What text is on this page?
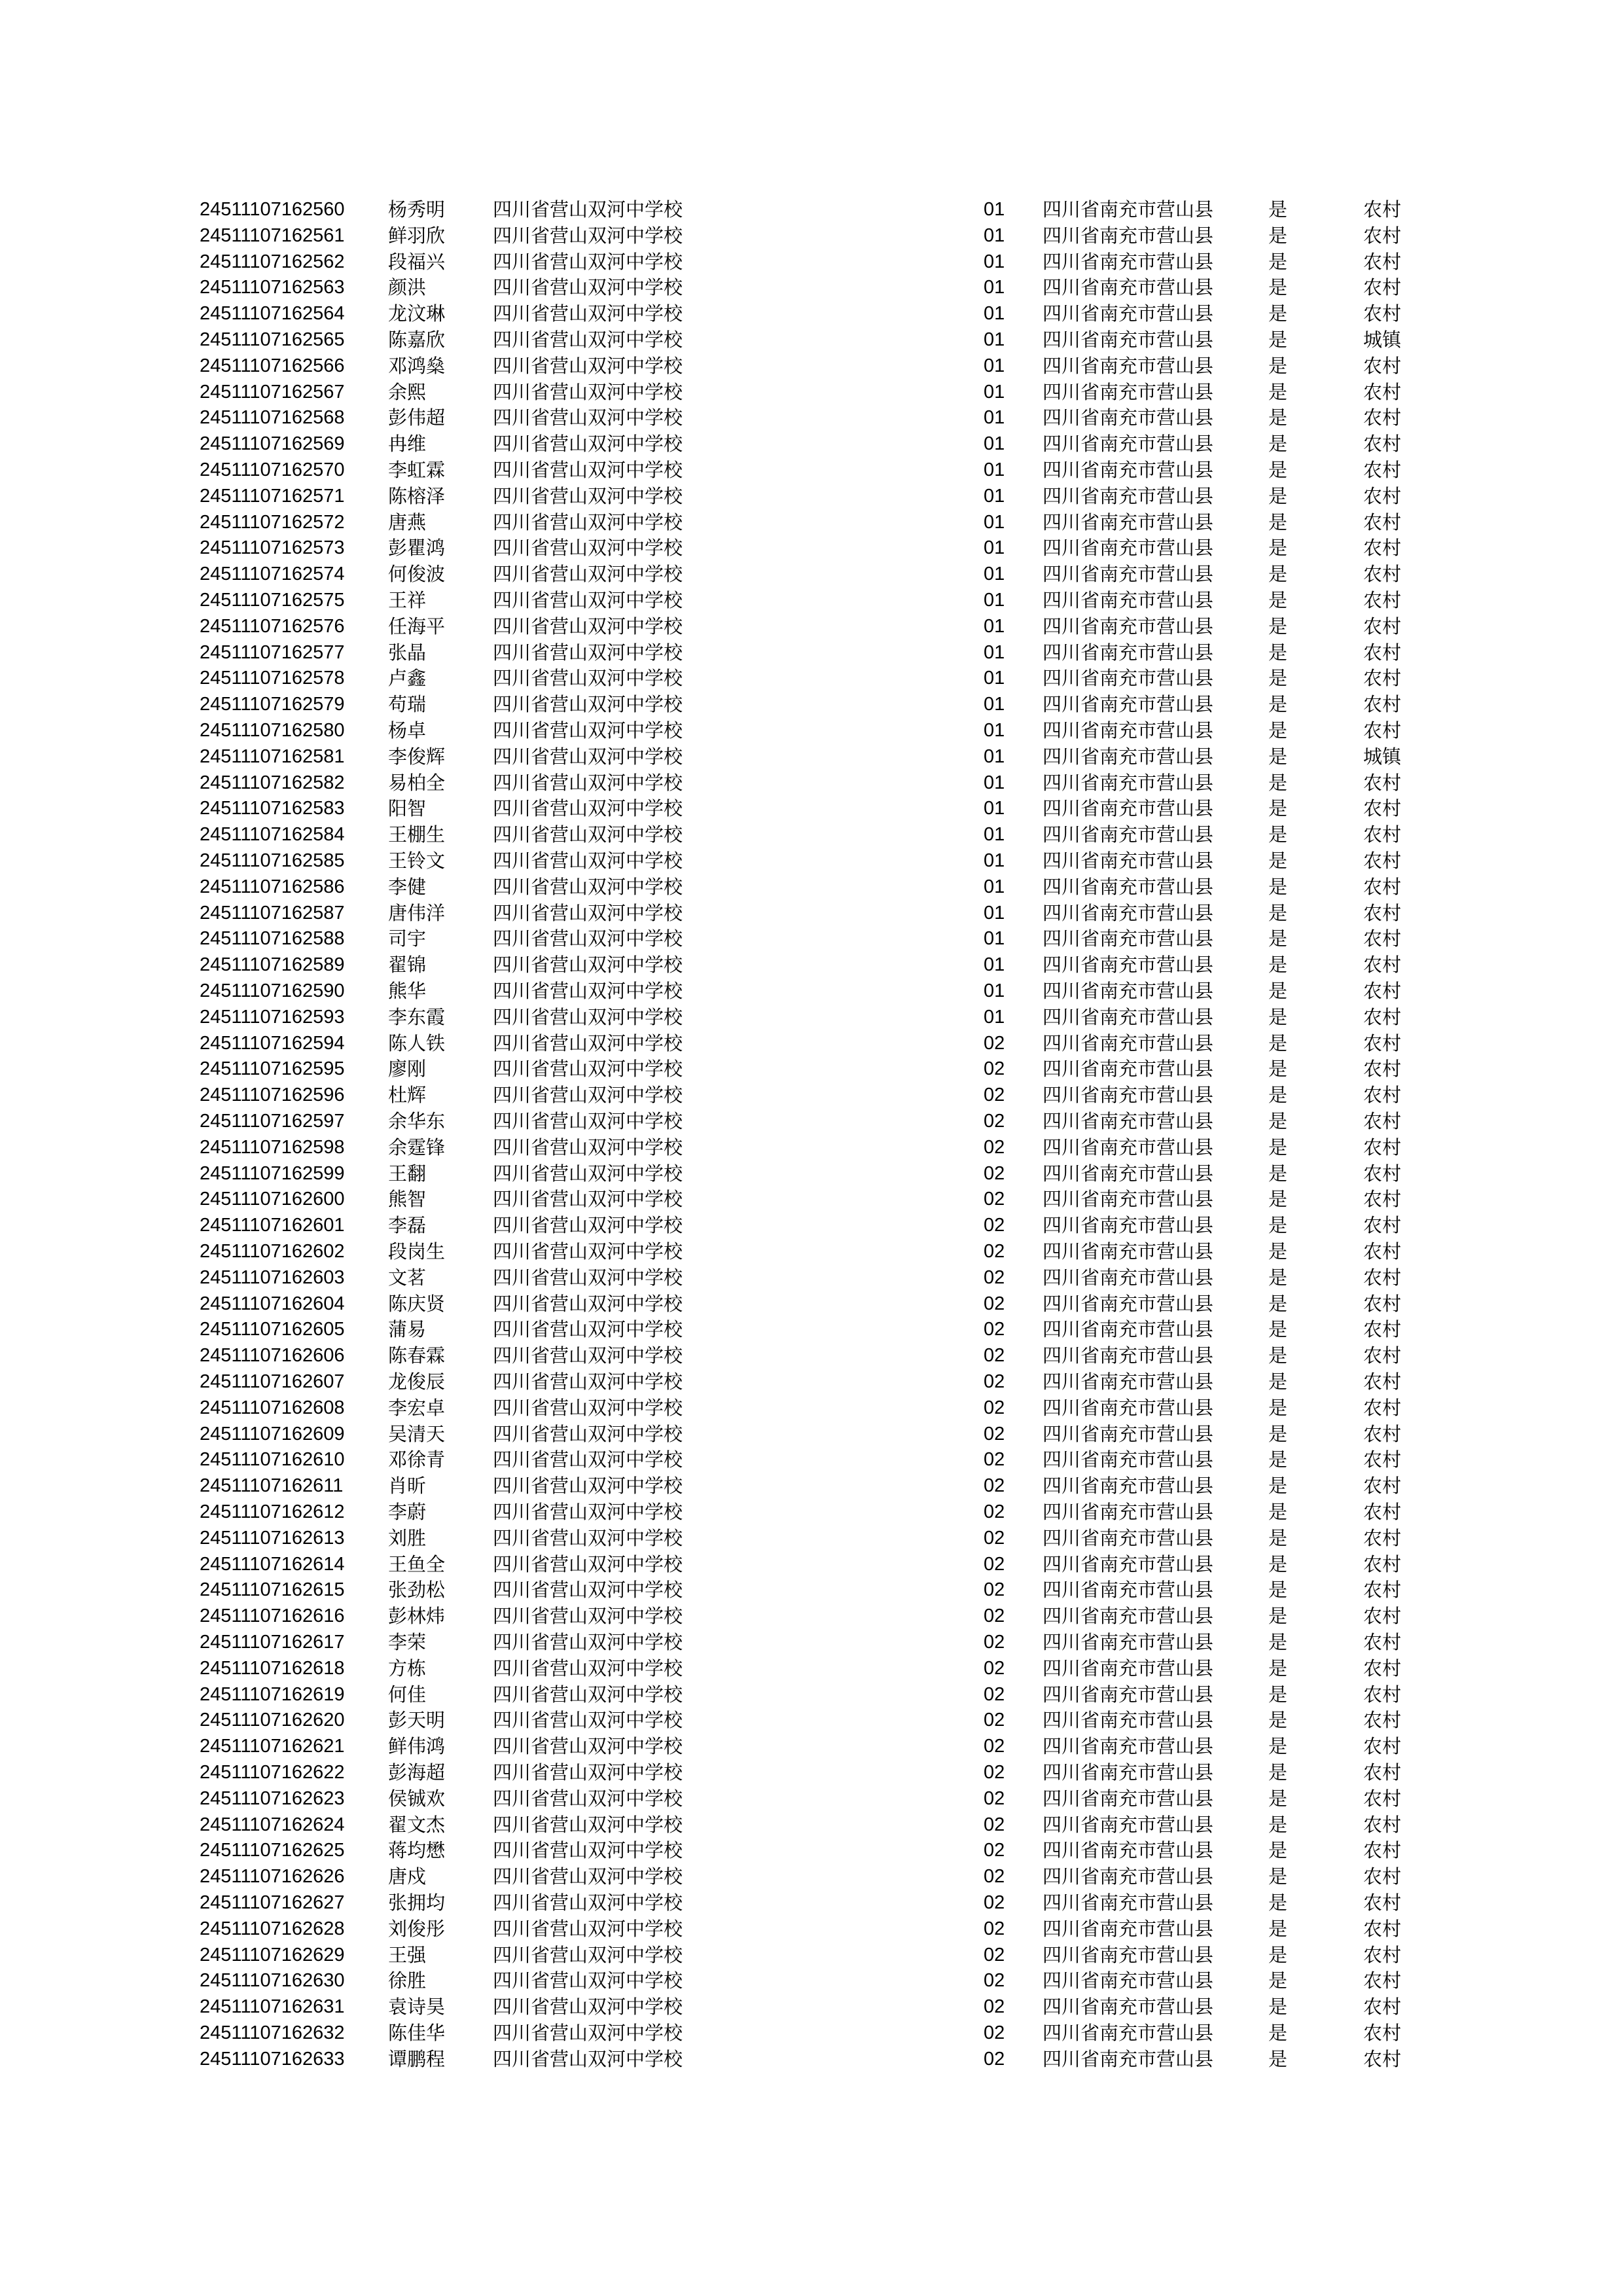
24511107162560 杨秀明	四川省营山双河中学校	01 四川省南充市营山县	是	农村
24511107162561 鲜羽欣	四川省营山双河中学校	01 四川省南充市营山县	是	农村
24511107162562 段福兴	四川省营山双河中学校	01 四川省南充市营山县	是	农村
24511107162563 颜洪	四川省营山双河中学校	01 四川省南充市营山县	是	农村
24511107162564 龙汶琳	四川省营山双河中学校	01 四川省南充市营山县	是	农村
24511107162565 陈嘉欣	四川省营山双河中学校	01 四川省南充市营山县	是	城镇
24511107162566 邓鸿燊	四川省营山双河中学校	01 四川省南充市营山县	是	农村
24511107162567 余熙	四川省营山双河中学校	01 四川省南充市营山县	是	农村
24511107162568 彭伟超	四川省营山双河中学校	01 四川省南充市营山县	是	农村
24511107162569 冉维	四川省营山双河中学校	01 四川省南充市营山县	是	农村
24511107162570 李虹霖	四川省营山双河中学校	01 四川省南充市营山县	是	农村
24511107162571 陈榕泽	四川省营山双河中学校	01 四川省南充市营山县	是	农村
24511107162572 唐燕	四川省营山双河中学校	01 四川省南充市营山县	是	农村
24511107162573 彭瞿鸿	四川省营山双河中学校	01 四川省南充市营山县	是	农村
24511107162574 何俊波	四川省营山双河中学校	01 四川省南充市营山县	是	农村
24511107162575 王祥	四川省营山双河中学校	01 四川省南充市营山县	是	农村
24511107162576 任海平	四川省营山双河中学校	01 四川省南充市营山县	是	农村
24511107162577 张晶	四川省营山双河中学校	01 四川省南充市营山县	是	农村
24511107162578 卢鑫	四川省营山双河中学校	01 四川省南充市营山县	是	农村
24511107162579 苟瑞	四川省营山双河中学校	01 四川省南充市营山县	是	农村
24511107162580 杨卓	四川省营山双河中学校	01 四川省南充市营山县	是	农村
24511107162581 李俊辉	四川省营山双河中学校	01 四川省南充市营山县	是	城镇
24511107162582 易柏全	四川省营山双河中学校	01 四川省南充市营山县	是	农村
24511107162583 阳智	四川省营山双河中学校	01 四川省南充市营山县	是	农村
24511107162584 王棚生	四川省营山双河中学校	01 四川省南充市营山县	是	农村
24511107162585 王铃文	四川省营山双河中学校	01 四川省南充市营山县	是	农村
24511107162586 李健	四川省营山双河中学校	01 四川省南充市营山县	是	农村
24511107162587 唐伟洋	四川省营山双河中学校	01 四川省南充市营山县	是	农村
24511107162588 司宇	四川省营山双河中学校	01 四川省南充市营山县	是	农村
24511107162589 翟锦	四川省营山双河中学校	01 四川省南充市营山县	是	农村
24511107162590 熊华	四川省营山双河中学校	01 四川省南充市营山县	是	农村
24511107162593 李东霞	四川省营山双河中学校	01 四川省南充市营山县	是	农村
24511107162594 陈人铁	四川省营山双河中学校	02 四川省南充市营山县	是	农村
24511107162595 廖刚	四川省营山双河中学校	02 四川省南充市营山县	是	农村
24511107162596 杜辉	四川省营山双河中学校	02 四川省南充市营山县	是	农村
24511107162597 余华东	四川省营山双河中学校	02 四川省南充市营山县	是	农村
24511107162598 余霆锋	四川省营山双河中学校	02 四川省南充市营山县	是	农村
24511107162599 王翻	四川省营山双河中学校	02 四川省南充市营山县	是	农村
24511107162600 熊智	四川省营山双河中学校	02 四川省南充市营山县	是	农村
24511107162601 李磊	四川省营山双河中学校	02 四川省南充市营山县	是	农村
24511107162602 段岗生	四川省营山双河中学校	02 四川省南充市营山县	是	农村
24511107162603 文茗	四川省营山双河中学校	02 四川省南充市营山县	是	农村
24511107162604 陈庆贤	四川省营山双河中学校	02 四川省南充市营山县	是	农村
24511107162605 蒲易	四川省营山双河中学校	02 四川省南充市营山县	是	农村
24511107162606 陈春霖	四川省营山双河中学校	02 四川省南充市营山县	是	农村
24511107162607 龙俊辰	四川省营山双河中学校	02 四川省南充市营山县	是	农村
24511107162608 李宏卓	四川省营山双河中学校	02 四川省南充市营山县	是	农村
24511107162609 吴清天	四川省营山双河中学校	02 四川省南充市营山县	是	农村
24511107162610 邓徐青	四川省营山双河中学校	02 四川省南充市营山县	是	农村
24511107162611 肖昕	四川省营山双河中学校	02 四川省南充市营山县	是	农村
24511107162612 李蔚	四川省营山双河中学校	02 四川省南充市营山县	是	农村
24511107162613 刘胜	四川省营山双河中学校	02 四川省南充市营山县	是	农村
24511107162614 王鱼全	四川省营山双河中学校	02 四川省南充市营山县	是	农村
24511107162615 张劲松	四川省营山双河中学校	02 四川省南充市营山县	是	农村
24511107162616 彭林炜	四川省营山双河中学校	02 四川省南充市营山县	是	农村
24511107162617 李荣	四川省营山双河中学校	02 四川省南充市营山县	是	农村
24511107162618 方栋	四川省营山双河中学校	02 四川省南充市营山县	是	农村
24511107162619 何佳	四川省营山双河中学校	02 四川省南充市营山县	是	农村
24511107162620 彭天明	四川省营山双河中学校	02 四川省南充市营山县	是	农村
24511107162621 鲜伟鸿	四川省营山双河中学校	02 四川省南充市营山县	是	农村
24511107162622 彭海超	四川省营山双河中学校	02 四川省南充市营山县	是	农村
24511107162623 侯铖欢	四川省营山双河中学校	02 四川省南充市营山县	是	农村
24511107162624 翟文杰	四川省营山双河中学校	02 四川省南充市营山县	是	农村
24511107162625 蒋均懋	四川省营山双河中学校	02 四川省南充市营山县	是	农村
24511107162626 唐戍	四川省营山双河中学校	02 四川省南充市营山县	是	农村
24511107162627 张拥均	四川省营山双河中学校	02 四川省南充市营山县	是	农村
24511107162628 刘俊彤	四川省营山双河中学校	02 四川省南充市营山县	是	农村
24511107162629 王强	四川省营山双河中学校	02 四川省南充市营山县	是	农村
24511107162630 徐胜	四川省营山双河中学校	02 四川省南充市营山县	是	农村
24511107162631 袁诗昊	四川省营山双河中学校	02 四川省南充市营山县	是	农村
24511107162632 陈佳华	四川省营山双河中学校	02 四川省南充市营山县	是	农村
24511107162633 谭鹏程	四川省营山双河中学校	02 四川省南充市营山县	是	农村
